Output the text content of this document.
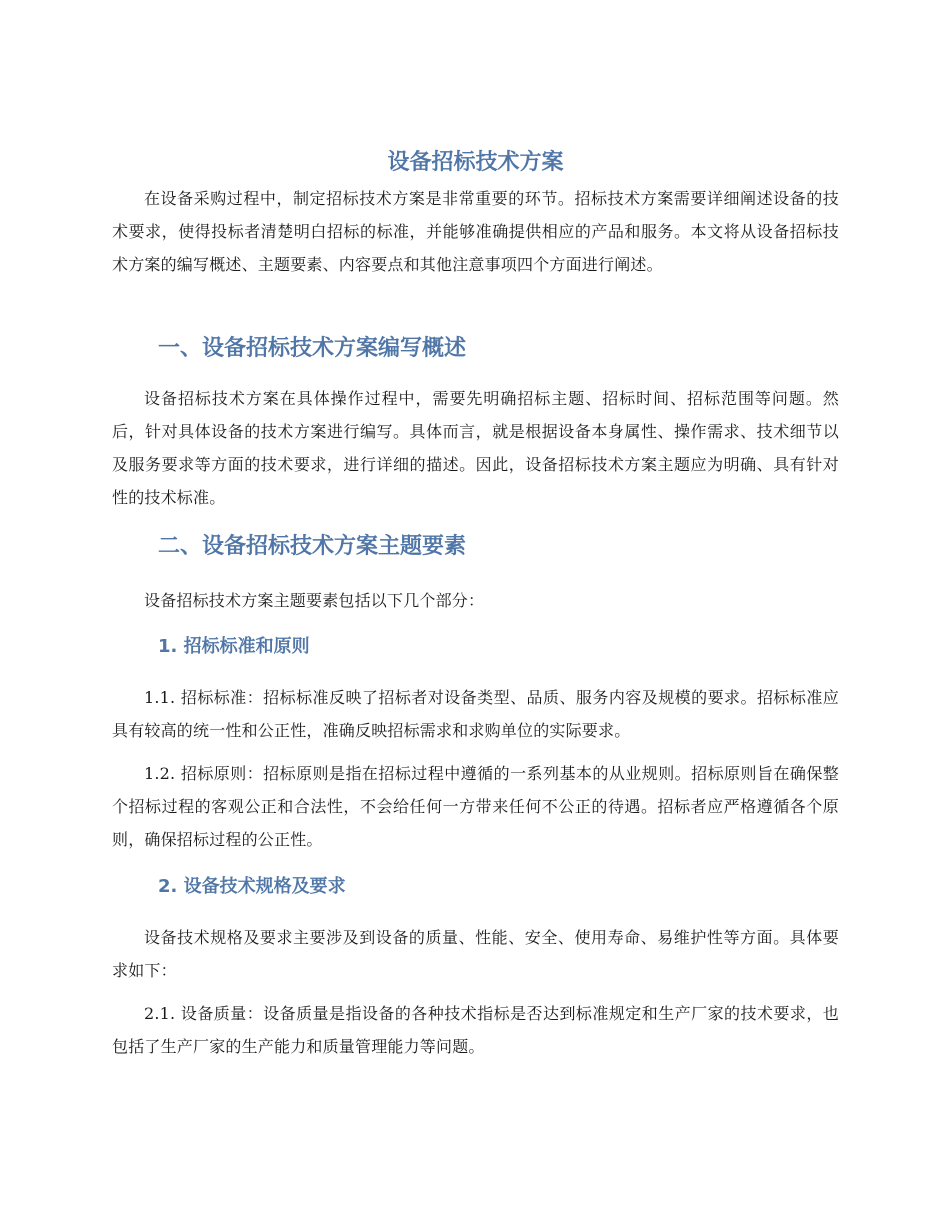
设备招标技术方案

在设备采购过程中，制定招标技术方案是非常重要的环节。招标技术方案需要详细阐述设备的技术要求，使得投标者清楚明白招标的标准，并能够准确提供相应的产品和服务。本文将从设备招标技术方案的编写概述、主题要素、内容要点和其他注意事项四个方面进行阐述。

一、设备招标技术方案编写概述

设备招标技术方案在具体操作过程中，需要先明确招标主题、招标时间、招标范围等问题。然后，针对具体设备的技术方案进行编写。具体而言，就是根据设备本身属性、操作需求、技术细节以及服务要求等方面的技术要求，进行详细的描述。因此，设备招标技术方案主题应为明确、具有针对性的技术标准。

二、设备招标技术方案主题要素

设备招标技术方案主题要素包括以下几个部分：

1. 招标标准和原则

1.1. 招标标准：招标标准反映了招标者对设备类型、品质、服务内容及规模的要求。招标标准应具有较高的统一性和公正性，准确反映招标需求和求购单位的实际要求。

1.2. 招标原则：招标原则是指在招标过程中遵循的一系列基本的从业规则。招标原则旨在确保整个招标过程的客观公正和合法性，不会给任何一方带来任何不公正的待遇。招标者应严格遵循各个原则，确保招标过程的公正性。

2. 设备技术规格及要求

设备技术规格及要求主要涉及到设备的质量、性能、安全、使用寿命、易维护性等方面。具体要求如下：

2.1. 设备质量：设备质量是指设备的各种技术指标是否达到标准规定和生产厂家的技术要求，也包括了生产厂家的生产能力和质量管理能力等问题。
